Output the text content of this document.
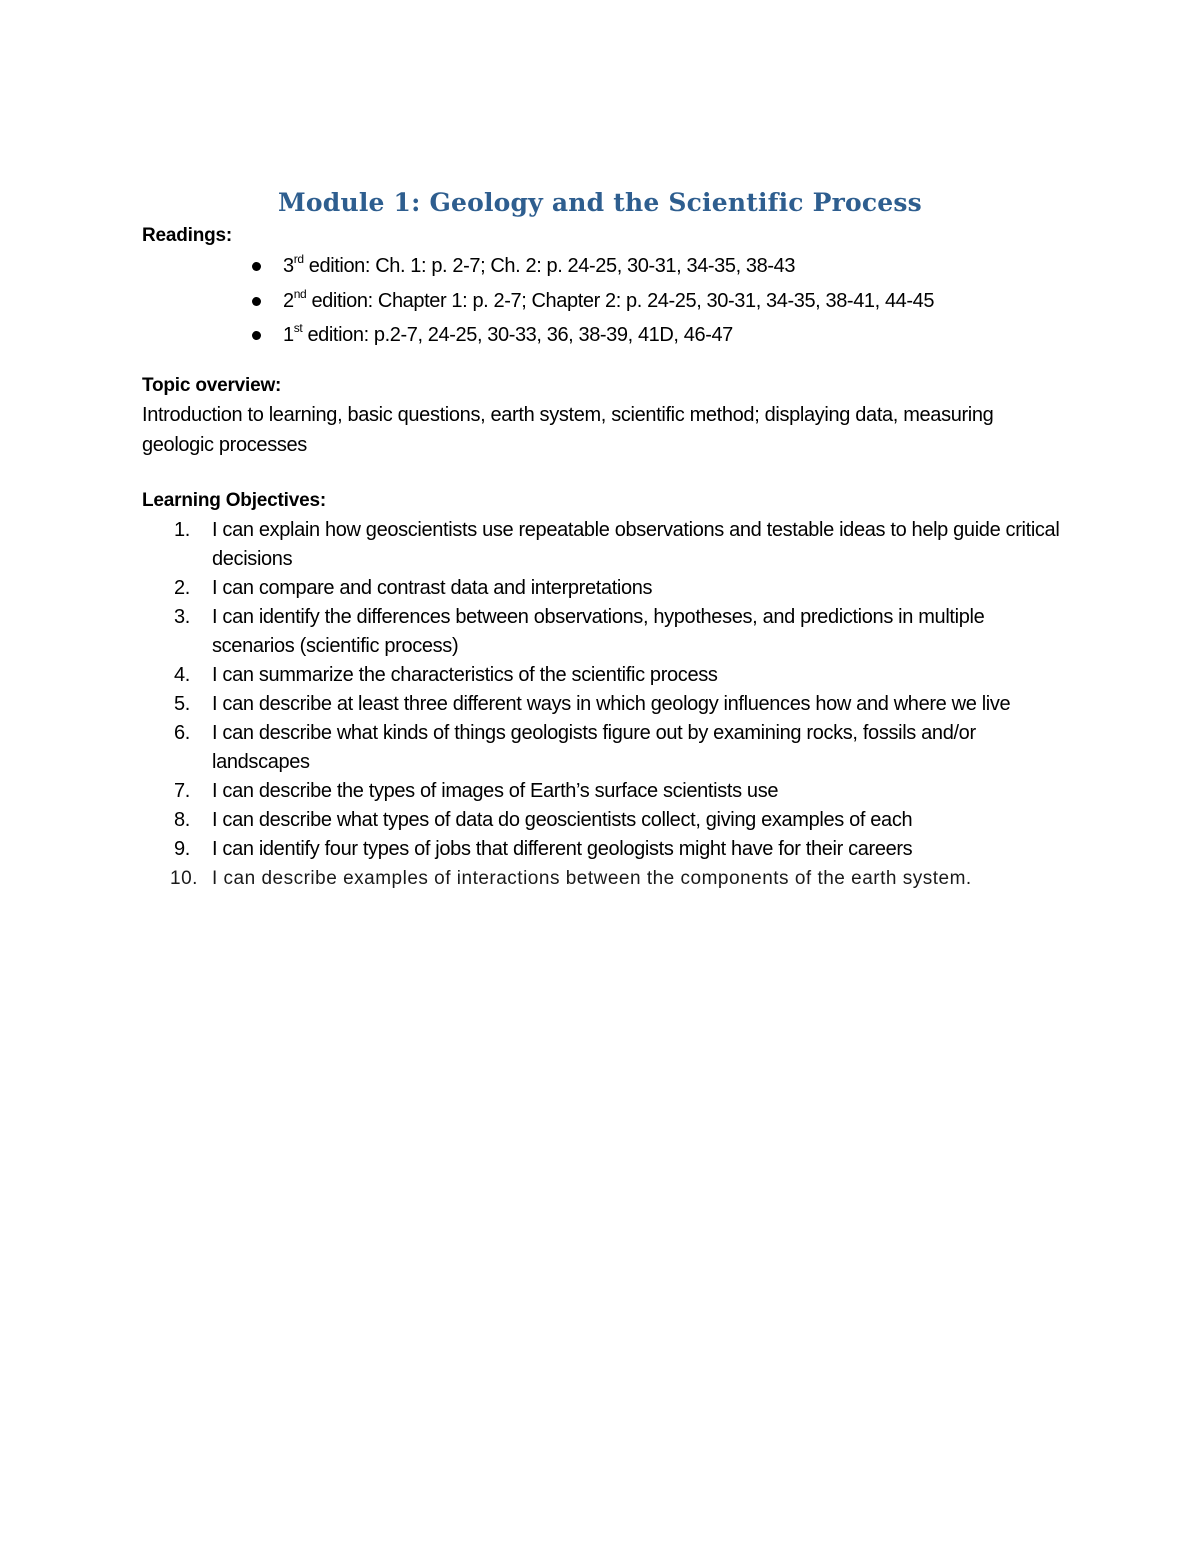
Module 1: Geology and the Scientific Process
Readings:
3rd edition: Ch. 1: p. 2-7; Ch. 2: p. 24-25, 30-31, 34-35, 38-43
2nd edition: Chapter 1: p. 2-7; Chapter 2: p. 24-25, 30-31, 34-35, 38-41, 44-45
1st edition: p.2-7, 24-25, 30-33, 36, 38-39, 41D, 46-47
Topic overview:
Introduction to learning, basic questions, earth system, scientific method; displaying data, measuring geologic processes
Learning Objectives:
1.	I can explain how geoscientists use repeatable observations and testable ideas to help guide critical decisions
2.	I can compare and contrast data and interpretations
3.	I can identify the differences between observations, hypotheses, and predictions in multiple scenarios (scientific process)
4.	I can summarize the characteristics of the scientific process
5.	I can describe at least three different ways in which geology influences how and where we live
6.	I can describe what kinds of things geologists figure out by examining rocks, fossils and/or landscapes
7.	I can describe the types of images of Earth’s surface scientists use
8.	I can describe what types of data do geoscientists collect, giving examples of each
9.	I can identify four types of jobs that different geologists might have for their careers
10. I can describe examples of interactions between the components of the earth system.
